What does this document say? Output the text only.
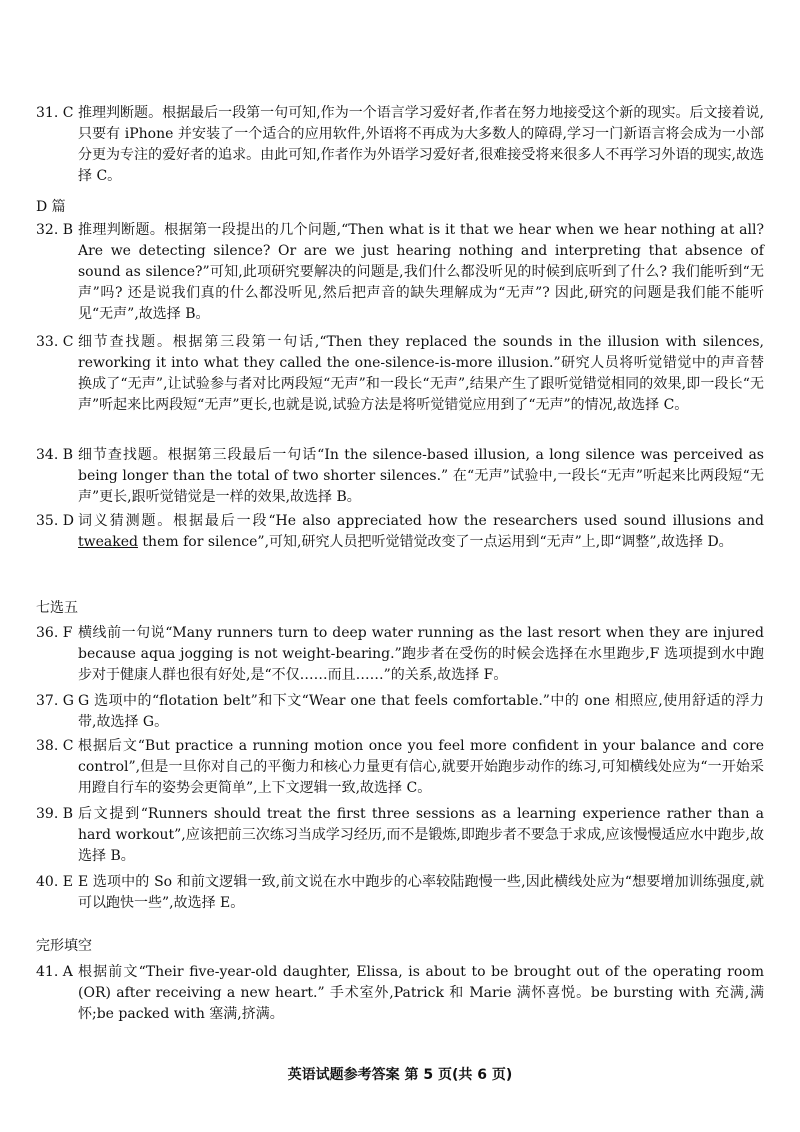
31. C 推理判断题。根据最后一段第一句可知,作为一个语言学习爱好者,作者在努力地接受这个新的现实。后文接着说,只要有 iPhone 并安装了一个适合的应用软件,外语将不再成为大多数人的障碍,学习一门新语言将会成为一小部分更为专注的爱好者的追求。由此可知,作者作为外语学习爱好者,很难接受将来很多人不再学习外语的现实,故选择 C。
D 篇
32. B 推理判断题。根据第一段提出的几个问题,“Then what is it that we hear when we hear nothing at all? Are we detecting silence? Or are we just hearing nothing and interpreting that absence of sound as silence?”可知,此项研究要解决的问题是,我们什么都没听见的时候到底听到了什么? 我们能听到“无声”吗? 还是说我们真的什么都没听见,然后把声音的缺失理解成为“无声”? 因此,研究的问题是我们能不能听见“无声”,故选择 B。
33. C 细节查找题。根据第三段第一句话,“Then they replaced the sounds in the illusion with silences, reworking it into what they called the one-silence-is-more illusion.”研究人员将听觉错觉中的声音替换成了“无声”,让试验参与者对比两段短“无声”和一段长“无声”,结果产生了跟听觉错觉相同的效果,即一段长“无声”听起来比两段短“无声”更长,也就是说,试验方法是将听觉错觉应用到了“无声”的情况,故选择 C。
34. B 细节查找题。根据第三段最后一句话“In the silence-based illusion, a long silence was perceived as being longer than the total of two shorter silences.” 在“无声”试验中,一段长“无声”听起来比两段短“无声”更长,跟听觉错觉是一样的效果,故选择 B。
35. D 词义猜测题。根据最后一段“He also appreciated how the researchers used sound illusions and tweaked them for silence”,可知,研究人员把听觉错觉改变了一点运用到“无声”上,即“调整”,故选择 D。
七选五
36. F 横线前一句说“Many runners turn to deep water running as the last resort when they are injured because aqua jogging is not weight-bearing.”跑步者在受伤的时候会选择在水里跑步,F 选项提到水中跑步对于健康人群也很有好处,是“不仅……而且……”的关系,故选择 F。
37. G G 选项中的“flotation belt”和下文“Wear one that feels comfortable.”中的 one 相照应,使用舒适的浮力带,故选择 G。
38. C 根据后文“But practice a running motion once you feel more confident in your balance and core control”,但是一旦你对自己的平衡力和核心力量更有信心,就要开始跑步动作的练习,可知横线处应为“一开始采用蹬自行车的姿势会更简单”,上下文逻辑一致,故选择 C。
39. B 后文提到“Runners should treat the first three sessions as a learning experience rather than a hard workout”,应该把前三次练习当成学习经历,而不是锻炼,即跑步者不要急于求成,应该慢慢适应水中跑步,故选择 B。
40. E E 选项中的 So 和前文逻辑一致,前文说在水中跑步的心率较陆跑慢一些,因此横线处应为“想要增加训练强度,就可以跑快一些”,故选择 E。
完形填空
41. A 根据前文“Their five-year-old daughter, Elissa, is about to be brought out of the operating room (OR) after receiving a new heart.” 手术室外,Patrick 和 Marie 满怀喜悦。be bursting with 充满,满怀;be packed with 塞满,挤满。
英语试题参考答案 第 5 页(共 6 页)
